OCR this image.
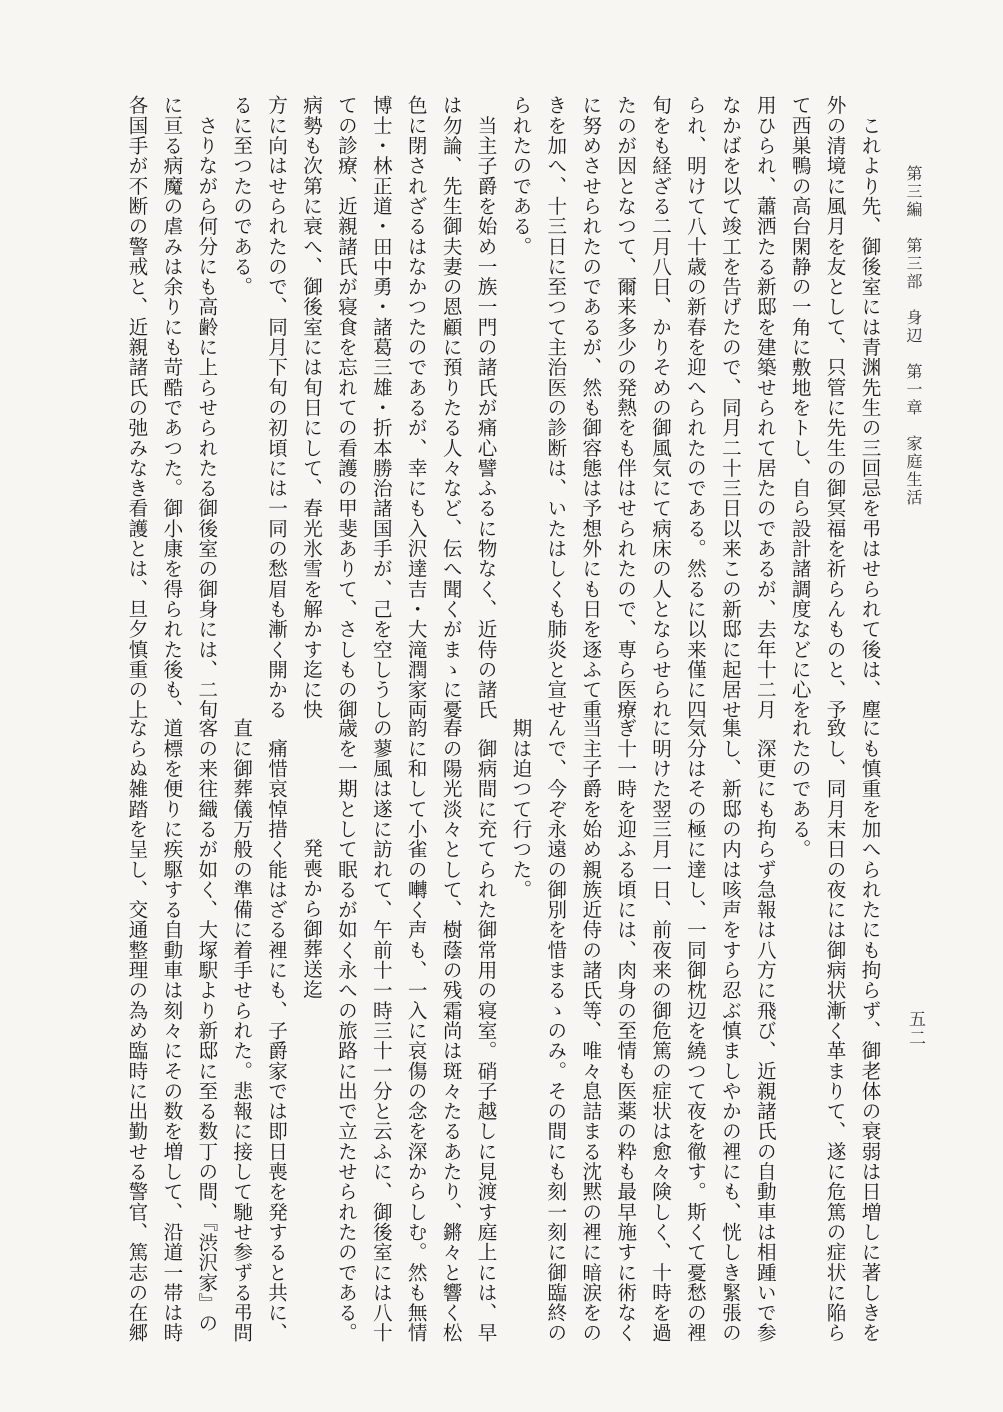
第三編　第三部　身辺　第一章　家庭生活
五二
　これより先、御後室には青渊先生の三回忌を弔はせられて後は、塵
外の清境に風月を友として、只管に先生の御冥福を祈らんものと、予
て西巣鴨の高台閑静の一角に敷地をトし、自ら設計諸調度などに心を
用ひられ、蕭洒たる新邸を建築せられて居たのであるが、去年十二月
なかばを以て竣工を告げたので、同月二十三日以来この新邸に起居せ
られ、明けて八十歳の新春を迎へられたのである。然るに以来僅に四
旬をも経ざる二月八日、かりそめの御風気にて病床の人とならせられ
たのが因となつて、爾来多少の発熱をも伴はせられたので、専ら医療
に努めさせられたのであるが、然も御容態は予想外にも日を逐ふて重
きを加へ、十三日に至つて主治医の診断は、いたはしくも肺炎と宣せ
られたのである。
　当主子爵を始め一族一門の諸氏が痛心譬ふるに物なく、近侍の諸氏
は勿論、先生御夫妻の恩顧に預りたる人々など、伝へ聞くがまゝに憂
色に閉されざるはなかつたのであるが、幸にも入沢達吉・大滝潤家両
博士・林正道・田中勇・諸葛三雄・折本勝治諸国手が、己を空しうし
ての診療、近親諸氏が寝食を忘れての看護の甲斐ありて、さしもの御
病勢も次第に衰へ、御後室には旬日にして、春光氷雪を解かす迄に快
方に向はせられたので、同月下旬の初頃には一同の愁眉も漸く開かる
るに至つたのである。
　さりながら何分にも高齢に上らせられたる御後室の御身には、二旬
に亘る病魔の虐みは余りにも苛酷であつた。御小康を得られた後も、
各国手が不断の警戒と、近親諸氏の弛みなき看護とは、旦夕慎重の上
にも慎重を加へられたにも拘らず、御老体の衰弱は日増しに著しきを
致し、同月末日の夜には御病状漸く革まりて、遂に危篤の症状に陥ら
れたのである。
　深更にも拘らず急報は八方に飛び、近親諸氏の自動車は相踵いで参
集し、新邸の内は咳声をすら忍ぶ慎ましやかの裡にも、恍しき緊張の
気分はその極に達し、一同御枕辺を繞つて夜を徹す。斯くて憂愁の裡
に明けた翌三月一日、前夜来の御危篤の症状は愈々険しく、十時を過
ぎ十一時を迎ふる頃には、肉身の至情も医薬の粋も最早施すに術なく
当主子爵を始め親族近侍の諸氏等、唯々息詰まる沈黙の裡に暗涙をの
んで、今ぞ永遠の御別を惜まるゝのみ。その間にも刻一刻に御臨終の
期は迫つて行つた。
　御病間に充てられた御常用の寝室。硝子越しに見渡す庭上には、早
春の陽光淡々として、樹蔭の残霜尚は斑々たるあたり、鏘々と響く松
韵に和して小雀の囀く声も、一入に哀傷の念を深からしむ。然も無情
の蓼風は遂に訪れて、午前十一時三十一分と云ふに、御後室には八十
歳を一期として眠るが如く永への旅路に出で立たせられたのである。
発喪から御葬送迄
　痛惜哀悼措く能はざる裡にも、子爵家では即日喪を発すると共に、
直に御葬儀万般の準備に着手せられた。悲報に接して馳せ参ずる弔問
客の来往織るが如く、大塚駅より新邸に至る数丁の間、『渋沢家』の
道標を便りに疾駆する自動車は刻々にその数を増して、沿道一帯は時
ならぬ雑踏を呈し、交通整理の為め臨時に出勤せる警官、篤志の在郷
